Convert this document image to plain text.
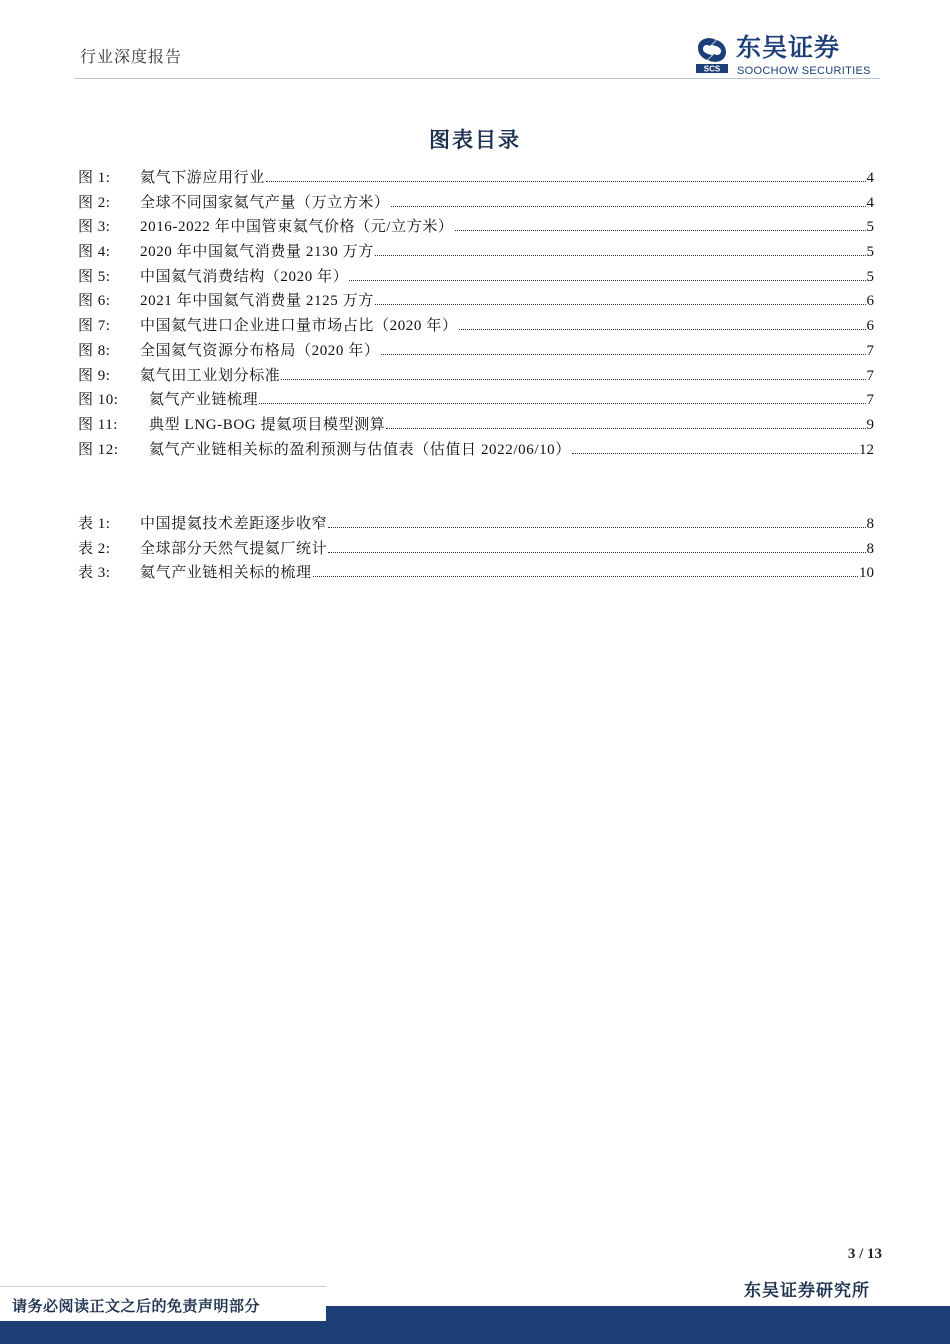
行业深度报告
SCS
东吴证券
SOOCHOW SECURITIES
图表目录
图 1:	氦气下游应用行业	4
图 2:	全球不同国家氦气产量（万立方米）	4
图 3:	2016-2022 年中国管束氦气价格（元/立方米）	5
图 4:	2020 年中国氦气消费量 2130 万方	5
图 5:	中国氦气消费结构（2020 年）	5
图 6:	2021 年中国氦气消费量 2125 万方	6
图 7:	中国氦气进口企业进口量市场占比（2020 年）	6
图 8:	全国氦气资源分布格局（2020 年）	7
图 9:	氦气田工业划分标准	7
图 10:	氦气产业链梳理	7
图 11:	典型 LNG-BOG 提氦项目模型测算	9
图 12:	氦气产业链相关标的盈利预测与估值表（估值日 2022/06/10）	12
表 1:	中国提氦技术差距逐步收窄	8
表 2:	全球部分天然气提氦厂统计	8
表 3:	氦气产业链相关标的梳理	10
3 / 13
东吴证券研究所
请务必阅读正文之后的免责声明部分
